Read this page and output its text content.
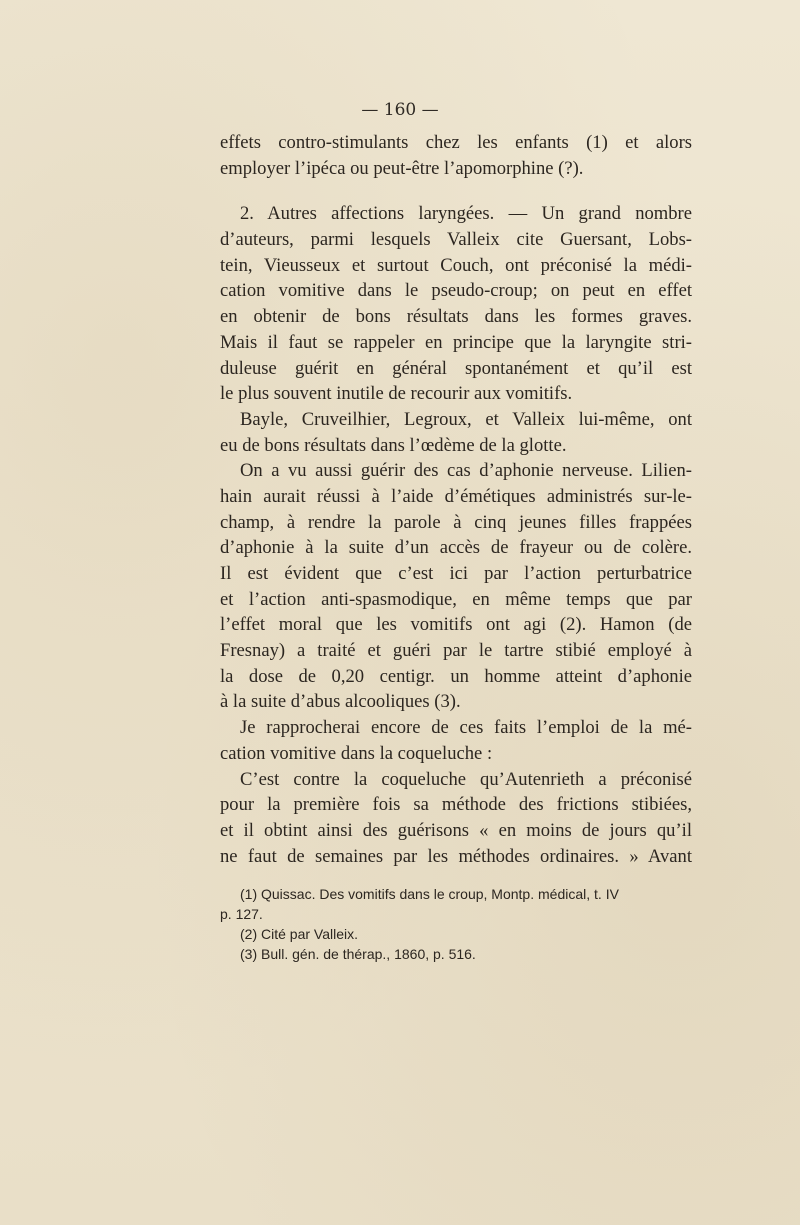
— 160 —
effets contro-stimulants chez les enfants (1) et alors
employer l’ipéca ou peut-être l’apomorphine (?).
2. Autres affections laryngées. — Un grand nombre
d’auteurs, parmi lesquels Valleix cite Guersant, Lobs-
tein, Vieusseux et surtout Couch, ont préconisé la médi-
cation vomitive dans le pseudo-croup; on peut en effet
en obtenir de bons résultats dans les formes graves.
Mais il faut se rappeler en principe que la laryngite stri-
duleuse guérit en général spontanément et qu’il est
le plus souvent inutile de recourir aux vomitifs.
Bayle, Cruveilhier, Legroux, et Valleix lui-même, ont
eu de bons résultats dans l’œdème de la glotte.
On a vu aussi guérir des cas d’aphonie nerveuse. Lilien-
hain aurait réussi à l’aide d’émétiques administrés sur-le-
champ, à rendre la parole à cinq jeunes filles frappées
d’aphonie à la suite d’un accès de frayeur ou de colère.
Il est évident que c’est ici par l’action perturbatrice
et l’action anti-spasmodique, en même temps que par
l’effet moral que les vomitifs ont agi (2). Hamon (de
Fresnay) a traité et guéri par le tartre stibié employé à
la dose de 0,20 centigr. un homme atteint d’aphonie
à la suite d’abus alcooliques (3).
Je rapprocherai encore de ces faits l’emploi de la mé-
cation vomitive dans la coqueluche :
C’est contre la coqueluche qu’Autenrieth a préconisé
pour la première fois sa méthode des frictions stibiées,
et il obtint ainsi des guérisons « en moins de jours qu’il
ne faut de semaines par les méthodes ordinaires. » Avant
(1) Quissac. Des vomitifs dans le croup, Montp. médical, t. IV
p. 127.
(2) Cité par Valleix.
(3) Bull. gén. de thérap., 1860, p. 516.
